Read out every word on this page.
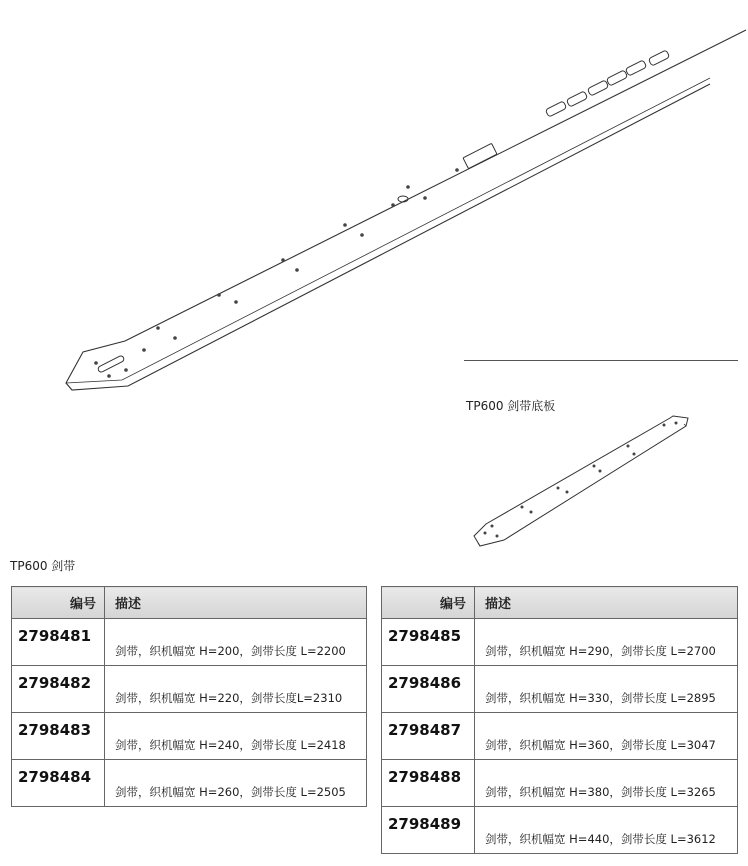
TP600 剑带底板
TP600 剑带
编号	描述
2798481	剑带，织机幅宽 H=200，剑带长度 L=2200
2798482	剑带，织机幅宽 H=220，剑带长度L=2310
2798483	剑带，织机幅宽 H=240，剑带长度 L=2418
2798484	剑带，织机幅宽 H=260，剑带长度 L=2505
编号	描述
2798485	剑带，织机幅宽 H=290，剑带长度 L=2700
2798486	剑带，织机幅宽 H=330，剑带长度 L=2895
2798487	剑带，织机幅宽 H=360，剑带长度 L=3047
2798488	剑带，织机幅宽 H=380，剑带长度 L=3265
2798489	剑带，织机幅宽 H=440，剑带长度 L=3612
